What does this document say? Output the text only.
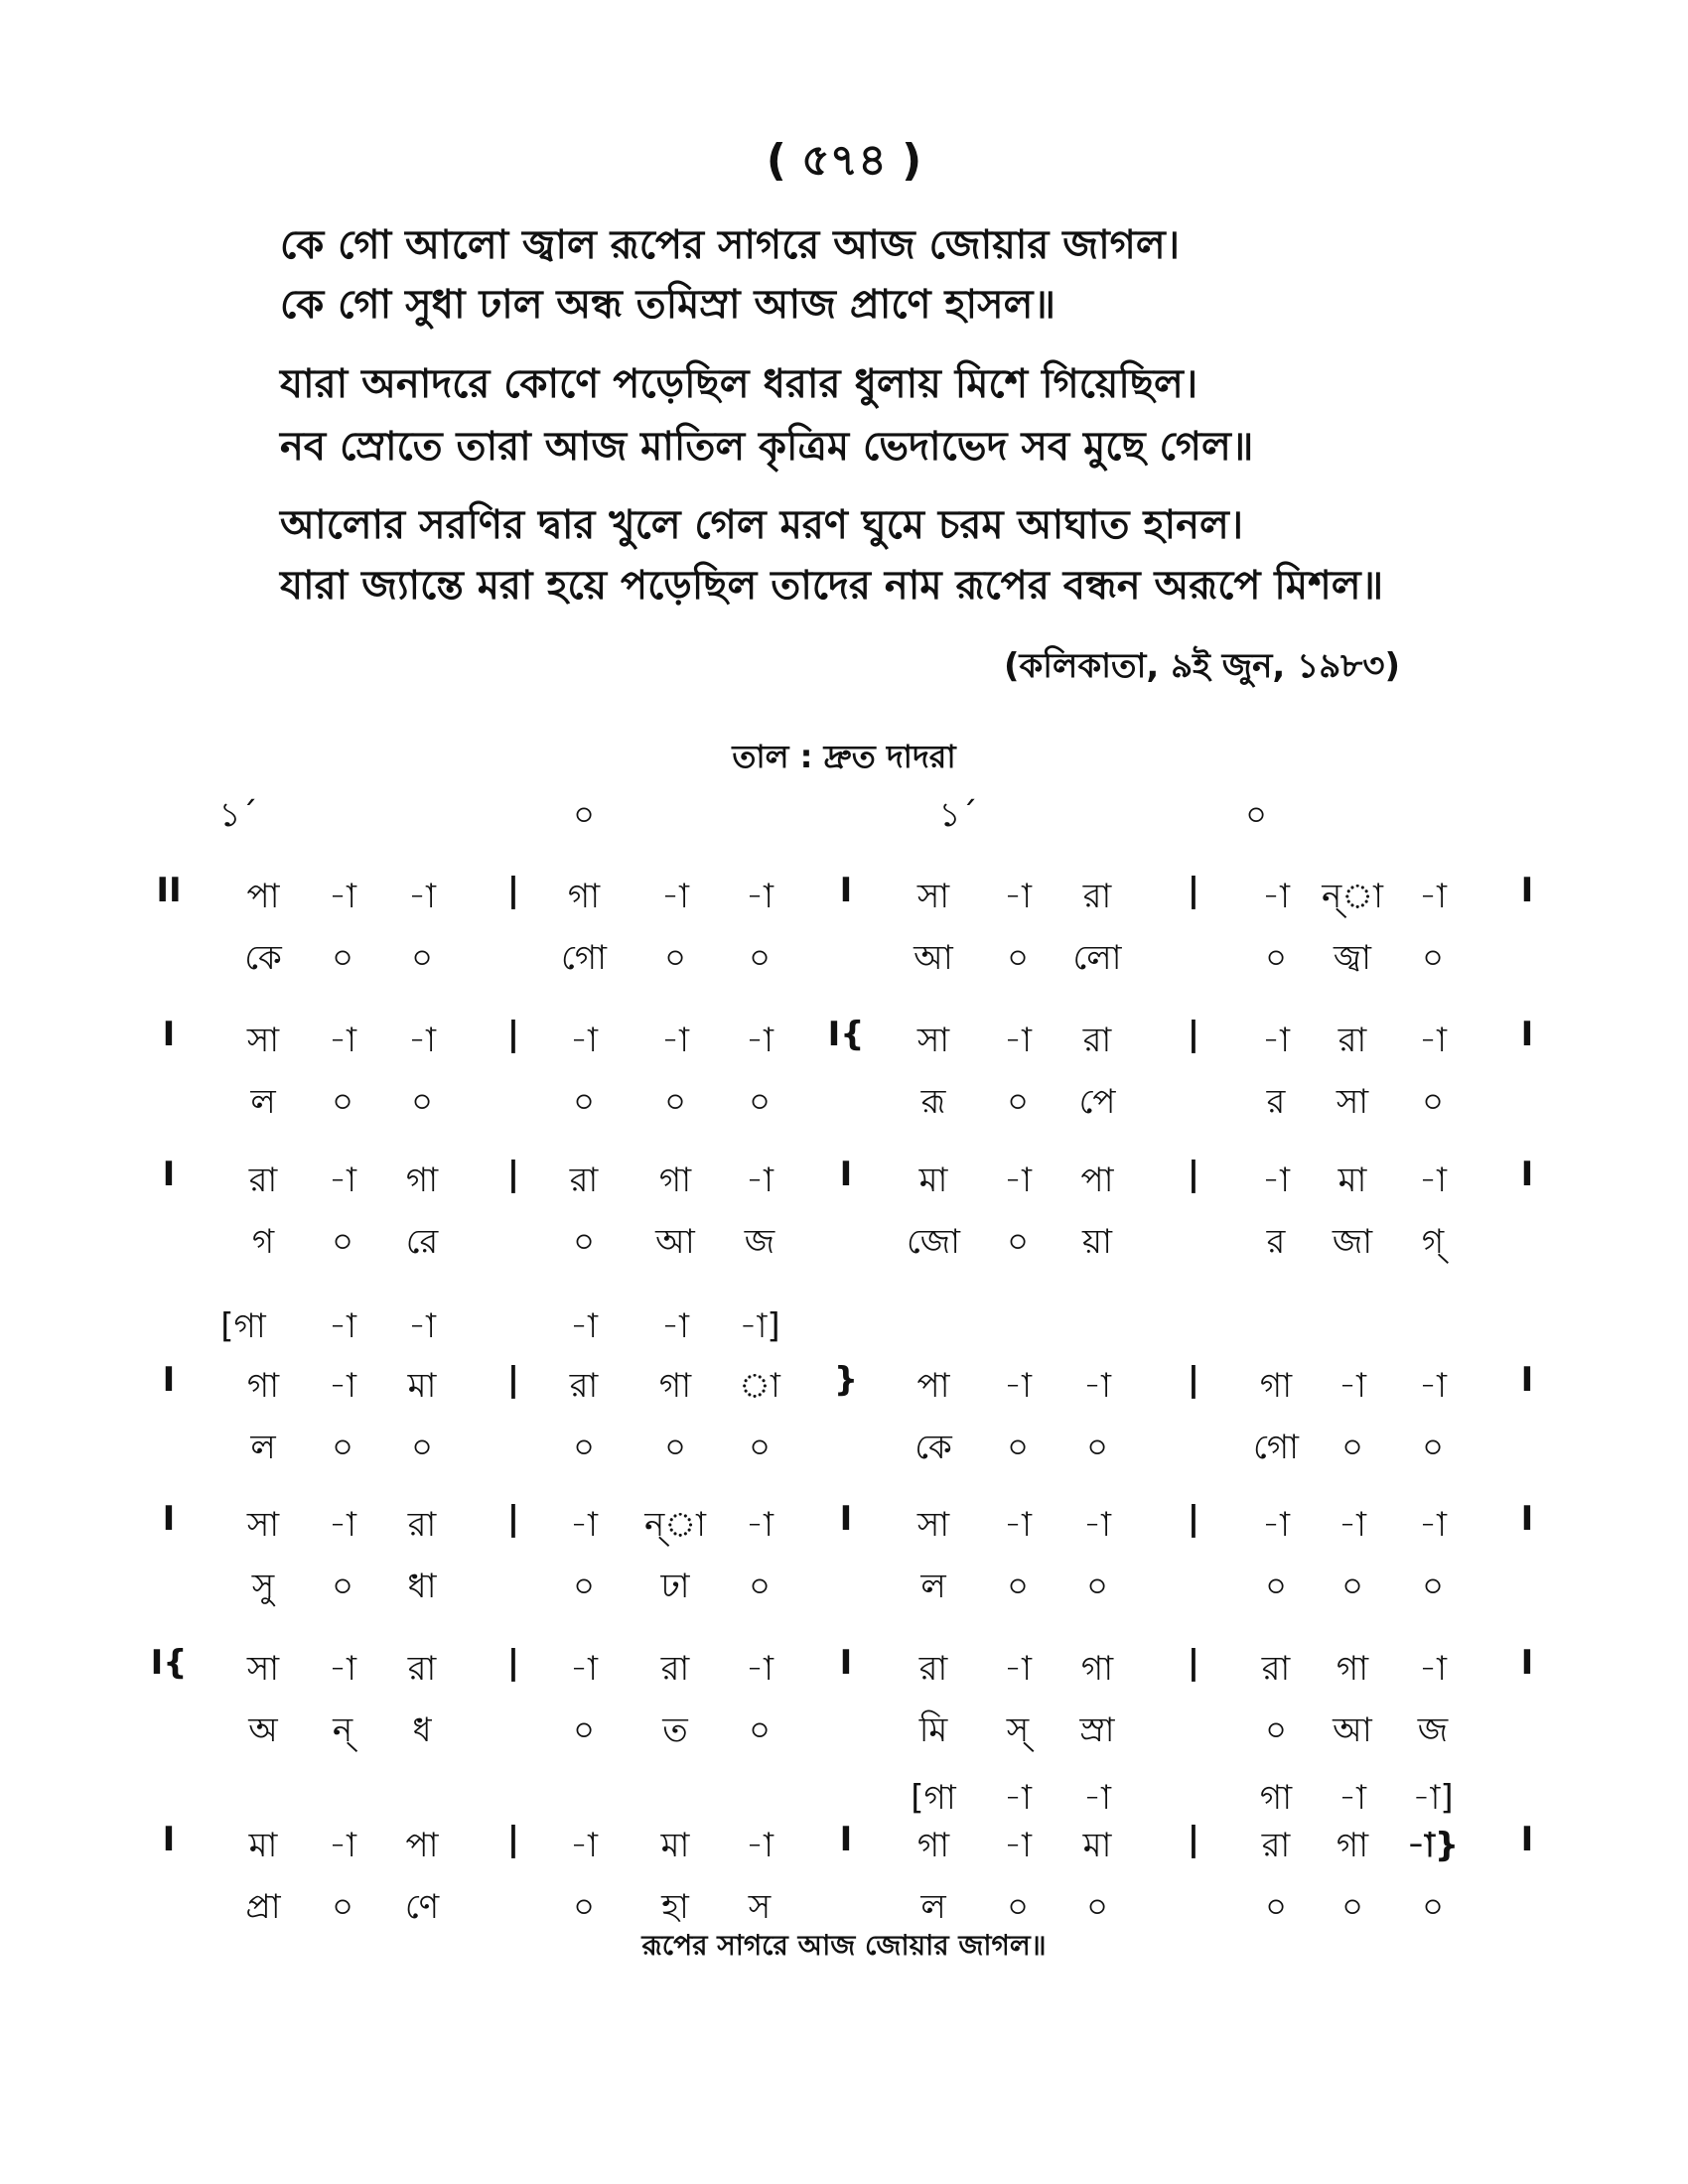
( ৫৭৪ )
কে গো আলো জ্বাল রূপের সাগরে আজ জোয়ার জাগল।
কে গো সুধা ঢাল অন্ধ তমিস্রা আজ প্রাণে হাসল॥
যারা অনাদরে কোণে পড়েছিল ধরার ধুলায় মিশে গিয়েছিল।
নব স্রোতে তারা আজ মাতিল কৃত্রিম ভেদাভেদ সব মুছে গেল॥
আলোর সরণির দ্বার খুলে গেল মরণ ঘুমে চরম আঘাত হানল।
যারা জ্যান্তে মরা হয়ে পড়েছিল তাদের নাম রূপের বন্ধন অরূপে মিশল॥
(কলিকাতা, ৯ই জুন, ১৯৮৩)
তাল : দ্রুত দাদরা
১´	০	১´	০
II পা -া -া | গা -া -া I সা -া রা | -া ন্া -া I
কে ০ ০	গো ০ ০	আ ০ লো	০ জ্বা ০
I সা -া -া | -া -া -া I{ সা -া রা | -া রা -া I
ল ০ ০	০ ০ ০	রূ ০ পে	র সা ০
I রা -া গা | রা গা -া I মা -া পা | -া মা -া I
গ ০ রে	০ আ জ	জো ০ য়া	র জা গ্
[গা -া -া	-া -া -া]
I গা -া মা | রা গা া } পা -া -া | গা -া -া I
ল ০ ০	০ ০ ০	কে ০ ০	গো ০ ০
I সা -া রা | -া ন্া -া I সা -া -া | -া -া -া I
সু ০ ধা	০ ঢা ০	ল ০ ০	০ ০ ০
I{ সা -া রা | -া রা -া I রা -া গা | রা গা -া I
অ ন্ ধ	০ ত ০	মি স্ স্রা	০ আ জ
[গা -া -া	গা -া -া]
I মা -া পা | -া মা -া I গা -া মা | রা গা -া} I
প্রা ০ ণে	০ হা স	ল ০ ০	০ ০ ০
রূপের সাগরে আজ জোয়ার জাগল॥
